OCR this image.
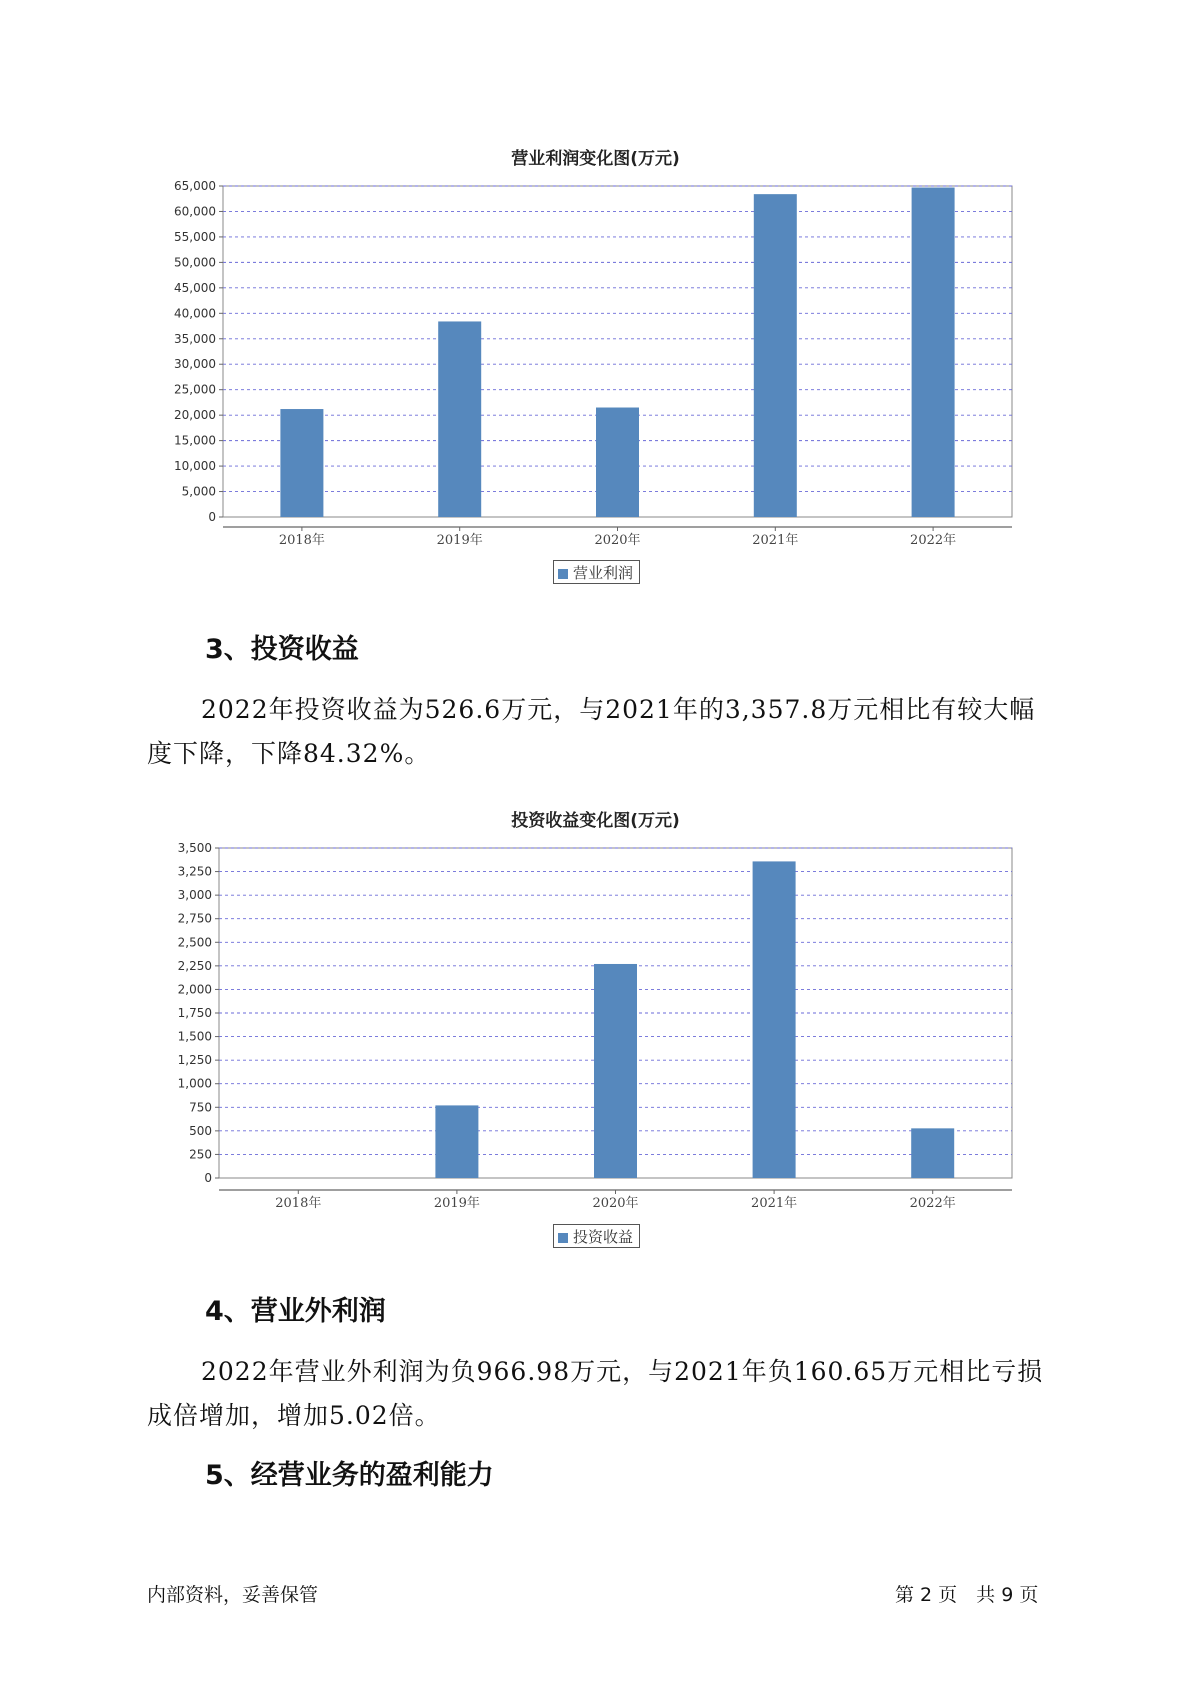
营业利润变化图(万元)
0
5,000
10,000
15,000
20,000
25,000
30,000
35,000
40,000
45,000
50,000
55,000
60,000
65,000
2018年	2019年	2020年	2021年	2022年
营业利润
3、投资收益

2022年投资收益为526.6万元，与2021年的3,357.8万元相比有较大幅度下降，下降84.32%。

投资收益变化图(万元)
0
250
500
750
1,000
1,250
1,500
1,750
2,000
2,250
2,500
2,750
3,000
3,250
3,500
2018年	2019年	2020年	2021年	2022年
投资收益
4、营业外利润

2022年营业外利润为负966.98万元，与2021年负160.65万元相比亏损成倍增加，增加5.02倍。

5、经营业务的盈利能力
内部资料，妥善保管	第 2 页　共 9 页
